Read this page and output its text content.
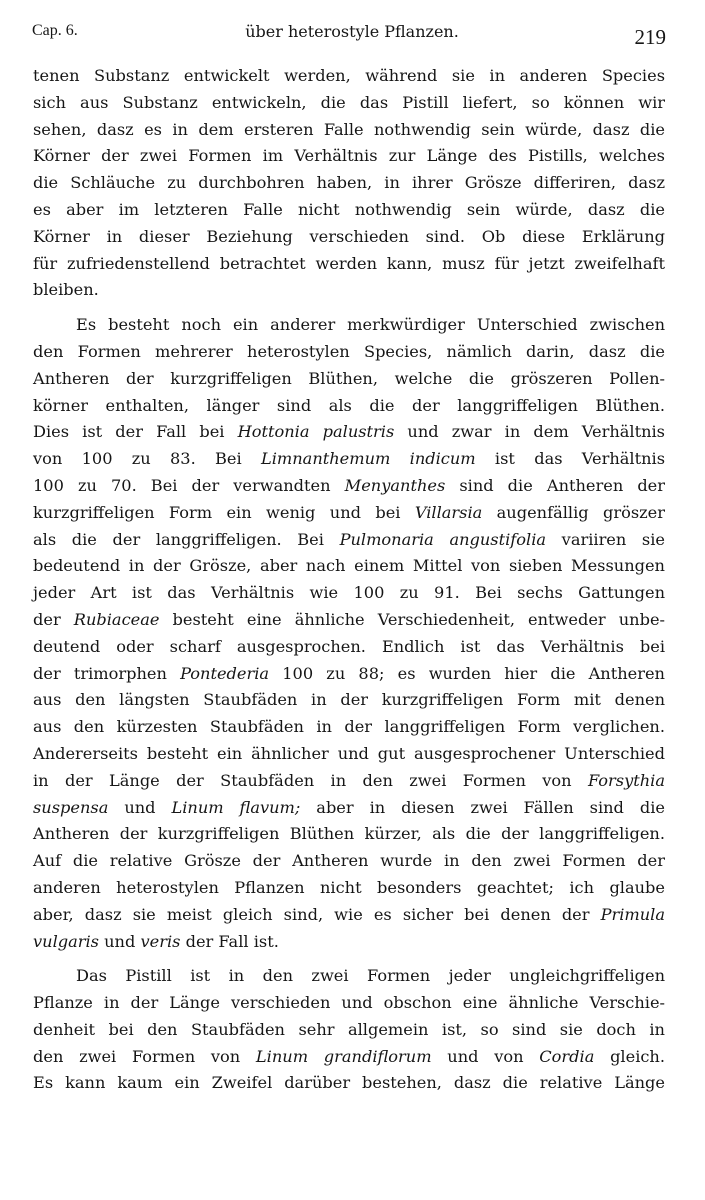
Cap. 6.	über heterostyle Pflanzen.	219
tenen Substanz entwickelt werden, während sie in anderen Species
sich aus Substanz entwickeln, die das Pistill liefert, so können wir
sehen, dasz es in dem ersteren Falle nothwendig sein würde, dasz die
Körner der zwei Formen im Verhältnis zur Länge des Pistills, welches
die Schläuche zu durchbohren haben, in ihrer Grösze differiren, dasz
es aber im letzteren Falle nicht nothwendig sein würde, dasz die
Körner in dieser Beziehung verschieden sind. Ob diese Erklärung
für zufriedenstellend betrachtet werden kann, musz für jetzt zweifelhaft
bleiben.
Es besteht noch ein anderer merkwürdiger Unterschied zwischen
den Formen mehrerer heterostylen Species, nämlich darin, dasz die
Antheren der kurzgriffeligen Blüthen, welche die gröszeren Pollen-
körner enthalten, länger sind als die der langgriffeligen Blüthen.
Dies ist der Fall bei Hottonia palustris und zwar in dem Verhältnis
von 100 zu 83. Bei Limnanthemum indicum ist das Verhältnis
100 zu 70. Bei der verwandten Menyanthes sind die Antheren der
kurzgriffeligen Form ein wenig und bei Villarsia augenfällig gröszer
als die der langgriffeligen. Bei Pulmonaria angustifolia variiren sie
bedeutend in der Grösze, aber nach einem Mittel von sieben Messungen
jeder Art ist das Verhältnis wie 100 zu 91. Bei sechs Gattungen
der Rubiaceae besteht eine ähnliche Verschiedenheit, entweder unbe-
deutend oder scharf ausgesprochen. Endlich ist das Verhältnis bei
der trimorphen Pontederia 100 zu 88; es wurden hier die Antheren
aus den längsten Staubfäden in der kurzgriffeligen Form mit denen
aus den kürzesten Staubfäden in der langgriffeligen Form verglichen.
Andererseits besteht ein ähnlicher und gut ausgesprochener Unterschied
in der Länge der Staubfäden in den zwei Formen von Forsythia
suspensa und Linum flavum; aber in diesen zwei Fällen sind die
Antheren der kurzgriffeligen Blüthen kürzer, als die der langgriffeligen.
Auf die relative Grösze der Antheren wurde in den zwei Formen der
anderen heterostylen Pflanzen nicht besonders geachtet; ich glaube
aber, dasz sie meist gleich sind, wie es sicher bei denen der Primula
vulgaris und veris der Fall ist.
Das Pistill ist in den zwei Formen jeder ungleichgriffeligen
Pflanze in der Länge verschieden und obschon eine ähnliche Verschie-
denheit bei den Staubfäden sehr allgemein ist, so sind sie doch in
den zwei Formen von Linum grandiflorum und von Cordia gleich.
Es kann kaum ein Zweifel darüber bestehen, dasz die relative Länge
